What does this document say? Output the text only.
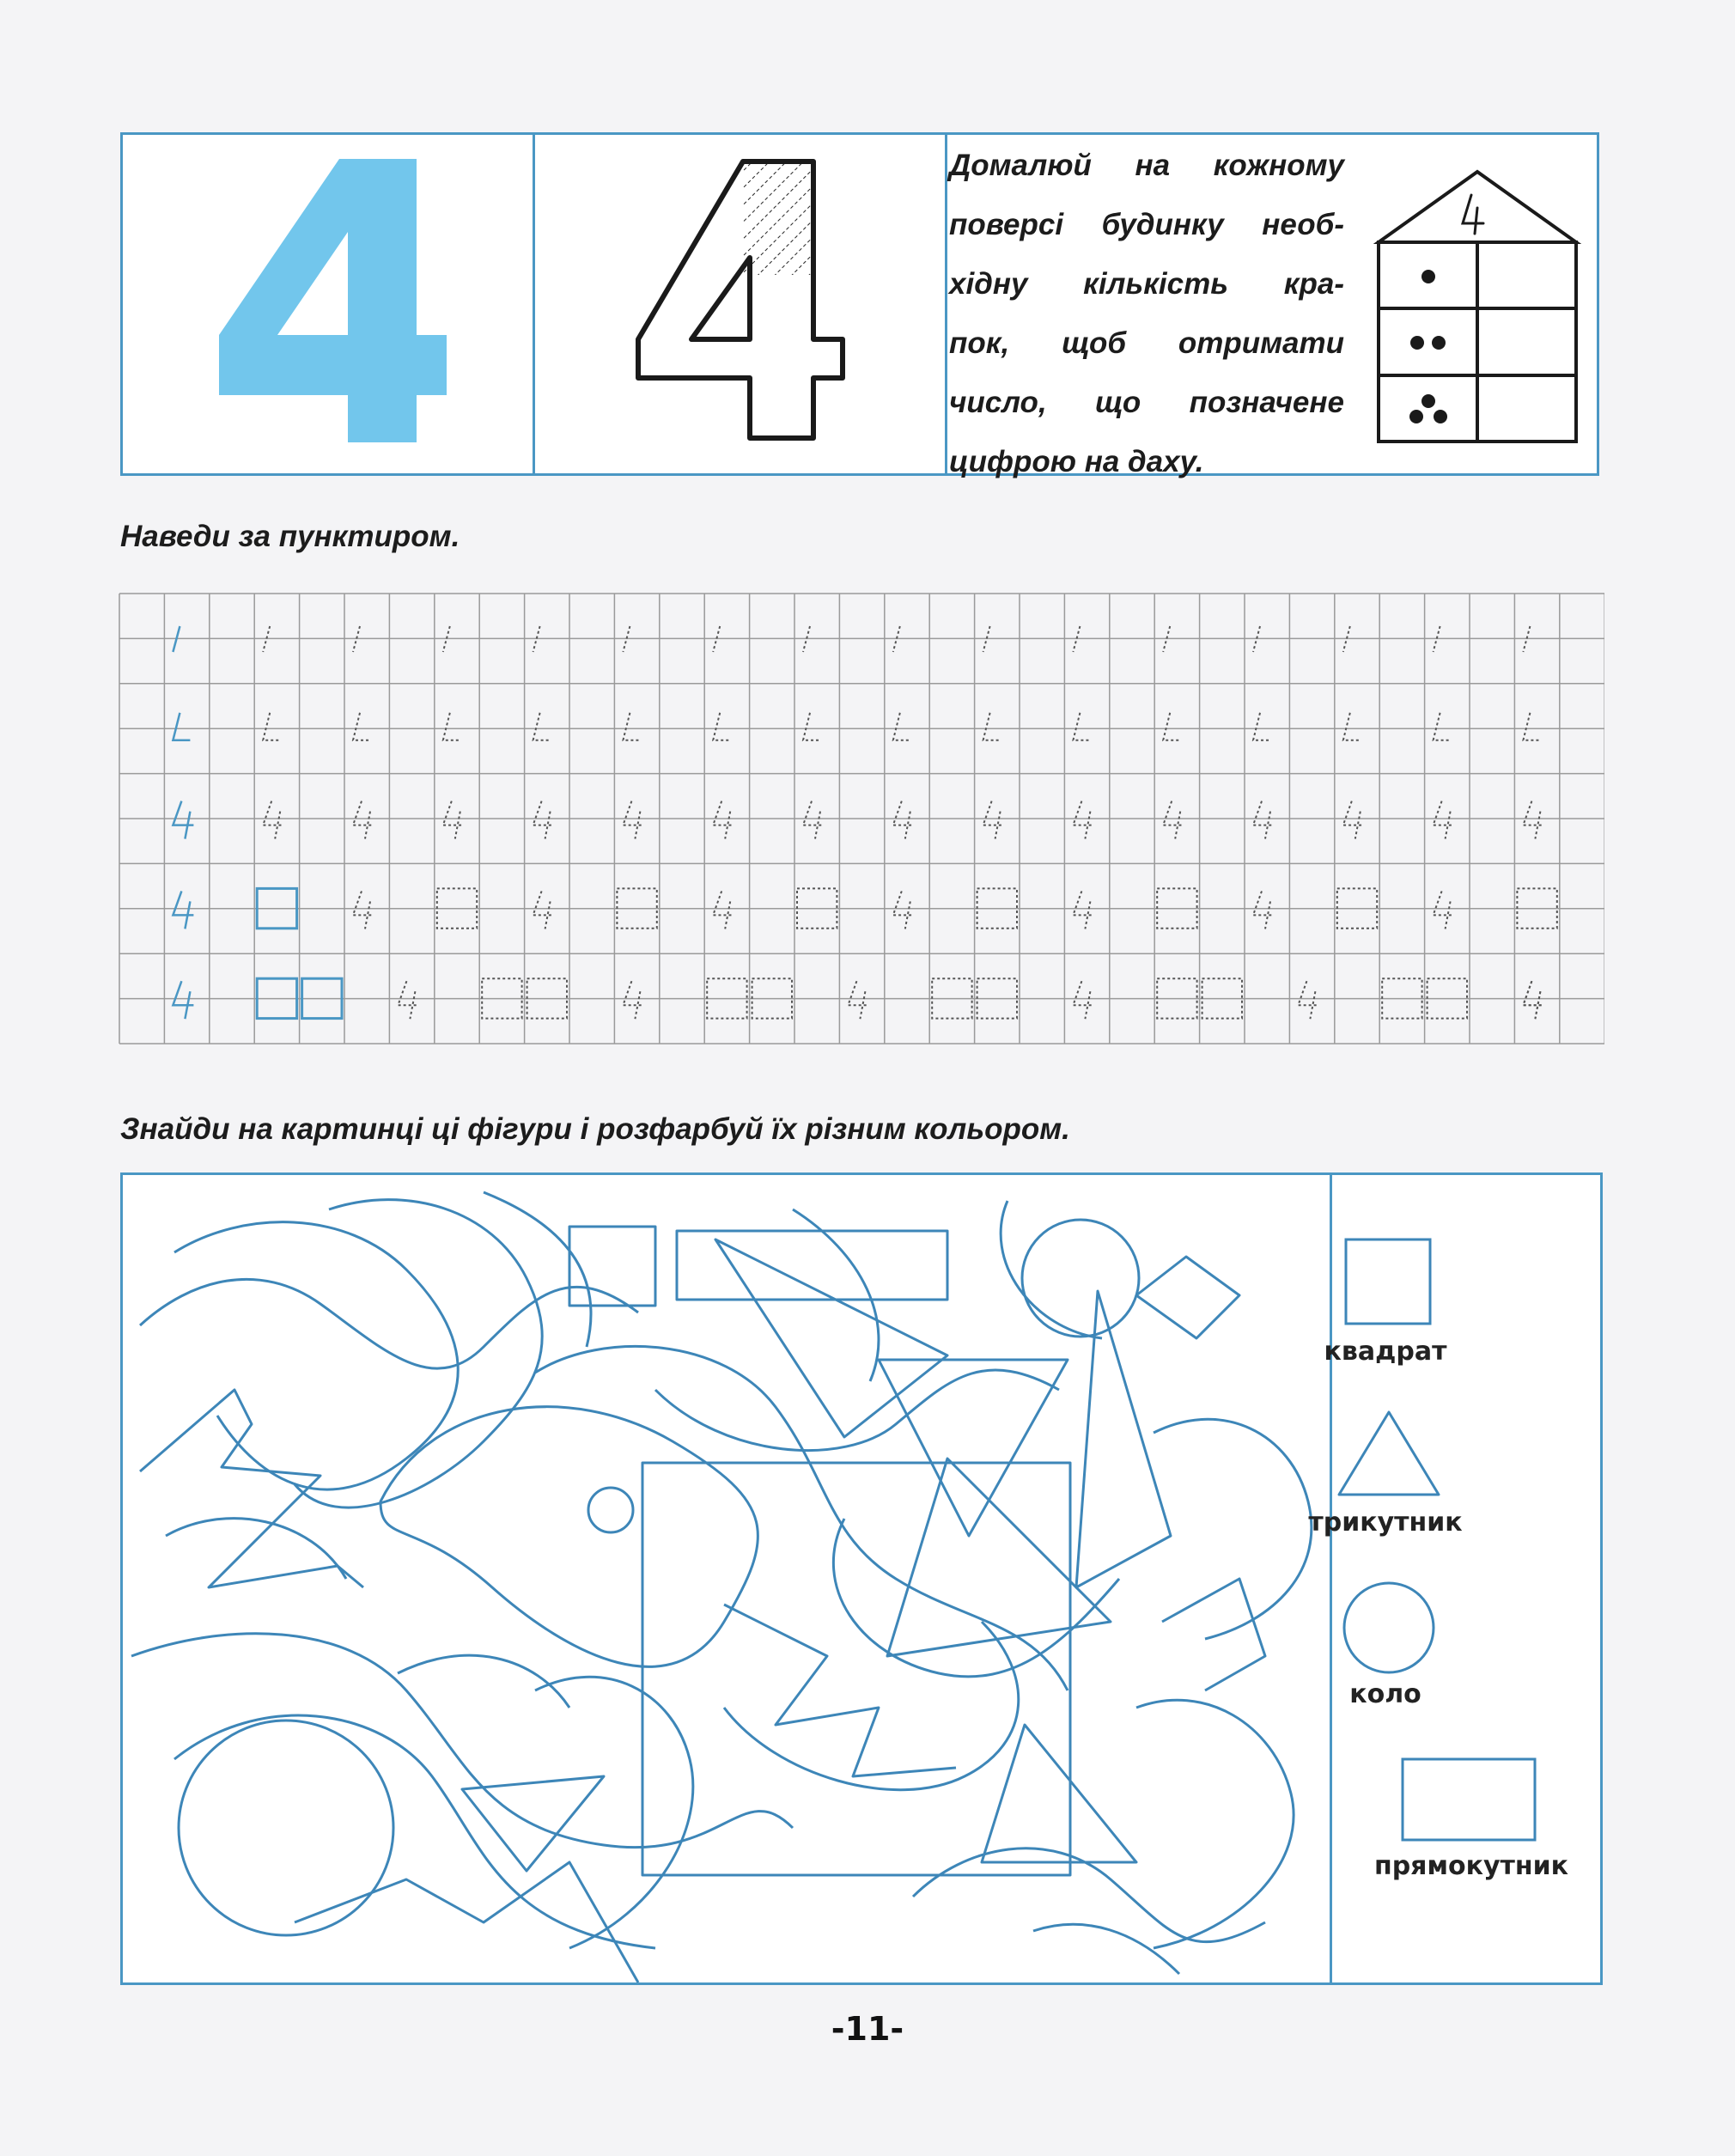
Домалюй на кожному
поверсі будинку необ-
хідну кількість кра-
пок, щоб отримати
число, що позначене
цифрою на даху.
Наведи за пунктиром.
Знайди на картинці ці фігури і розфарбуй їх різним кольором.
квадрат
трикутник
коло
прямокутник
-11-
